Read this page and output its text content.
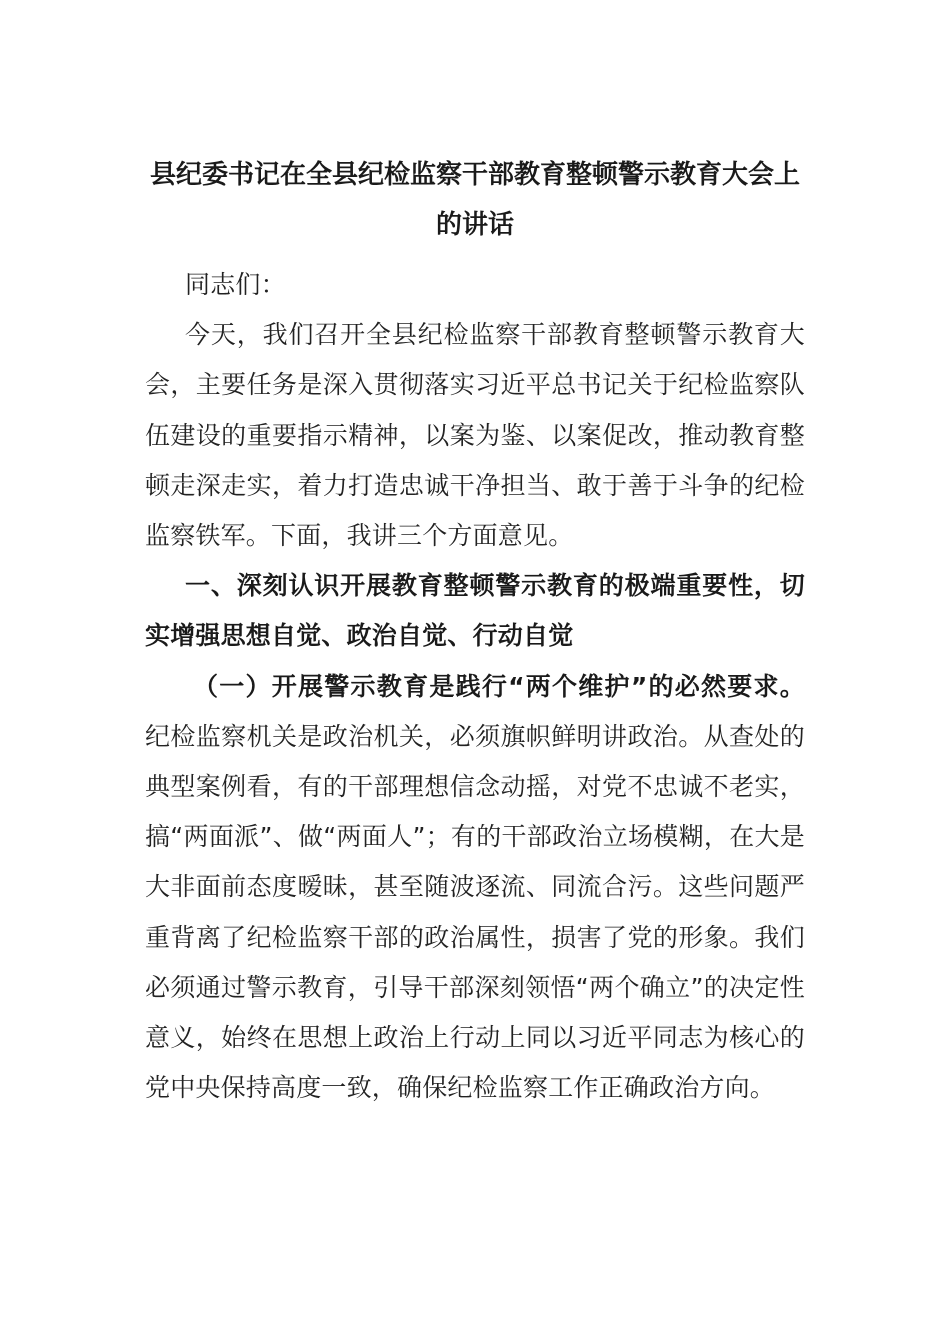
县纪委书记在全县纪检监察干部教育整顿警示教育大会上
的讲话

同志们：

今天，我们召开全县纪检监察干部教育整顿警示教育大会，主要任务是深入贯彻落实习近平总书记关于纪检监察队伍建设的重要指示精神，以案为鉴、以案促改，推动教育整顿走深走实，着力打造忠诚干净担当、敢于善于斗争的纪检监察铁军。下面，我讲三个方面意见。

一、深刻认识开展教育整顿警示教育的极端重要性，切实增强思想自觉、政治自觉、行动自觉

（一）开展警示教育是践行“两个维护”的必然要求。纪检监察机关是政治机关，必须旗帜鲜明讲政治。从查处的典型案例看，有的干部理想信念动摇，对党不忠诚不老实，搞“两面派”、做“两面人”；有的干部政治立场模糊，在大是大非面前态度暧昧，甚至随波逐流、同流合污。这些问题严重背离了纪检监察干部的政治属性，损害了党的形象。我们必须通过警示教育，引导干部深刻领悟“两个确立”的决定性意义，始终在思想上政治上行动上同以习近平同志为核心的党中央保持高度一致，确保纪检监察工作正确政治方向。
